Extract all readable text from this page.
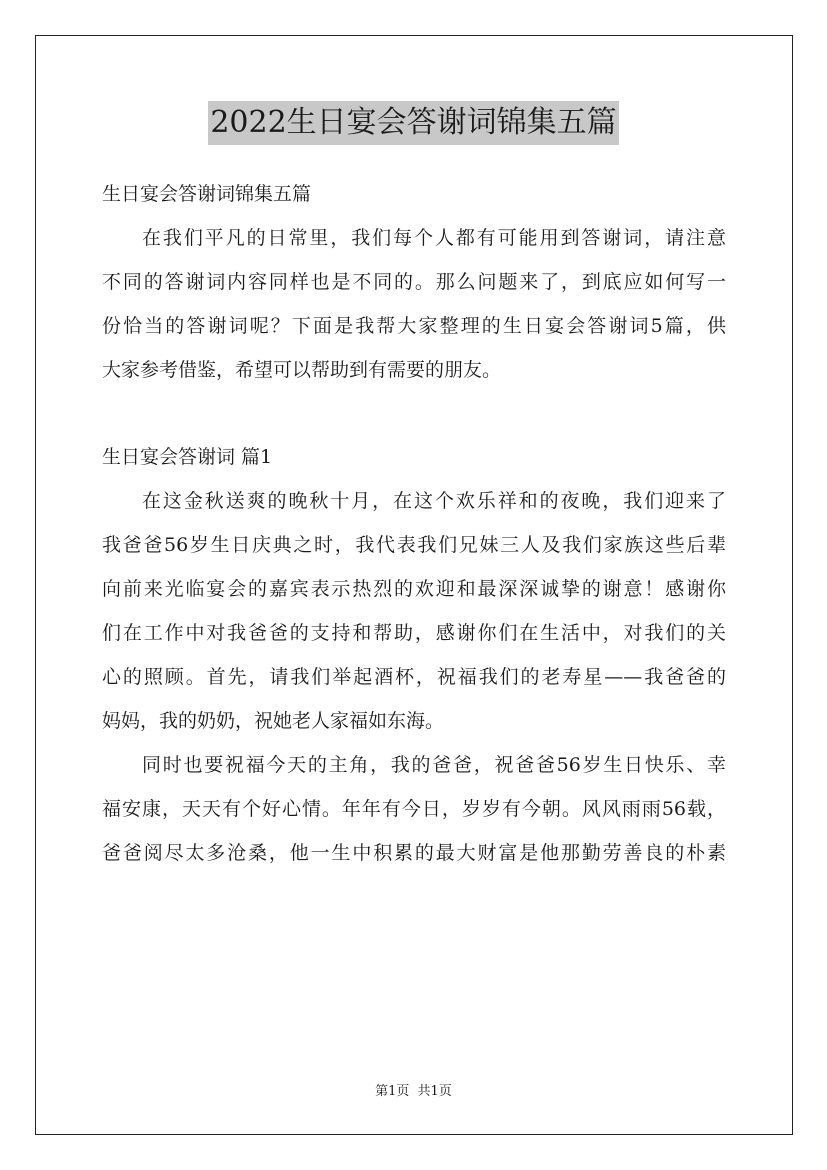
2022生日宴会答谢词锦集五篇
生日宴会答谢词锦集五篇
在我们平凡的日常里，我们每个人都有可能用到答谢词，请注意
不同的答谢词内容同样也是不同的。那么问题来了，到底应如何写一
份恰当的答谢词呢？下面是我帮大家整理的生日宴会答谢词5篇，供
大家参考借鉴，希望可以帮助到有需要的朋友。
生日宴会答谢词 篇1
在这金秋送爽的晚秋十月，在这个欢乐祥和的夜晚，我们迎来了
我爸爸56岁生日庆典之时，我代表我们兄妹三人及我们家族这些后辈
向前来光临宴会的嘉宾表示热烈的欢迎和最深深诚挚的谢意！感谢你
们在工作中对我爸爸的支持和帮助，感谢你们在生活中，对我们的关
心的照顾。首先，请我们举起酒杯，祝福我们的老寿星——我爸爸的
妈妈，我的奶奶，祝她老人家福如东海。
同时也要祝福今天的主角，我的爸爸，祝爸爸56岁生日快乐、幸
福安康，天天有个好心情。年年有今日，岁岁有今朝。风风雨雨56载，
爸爸阅尽太多沧桑，他一生中积累的最大财富是他那勤劳善良的朴素
第1页 共1页
